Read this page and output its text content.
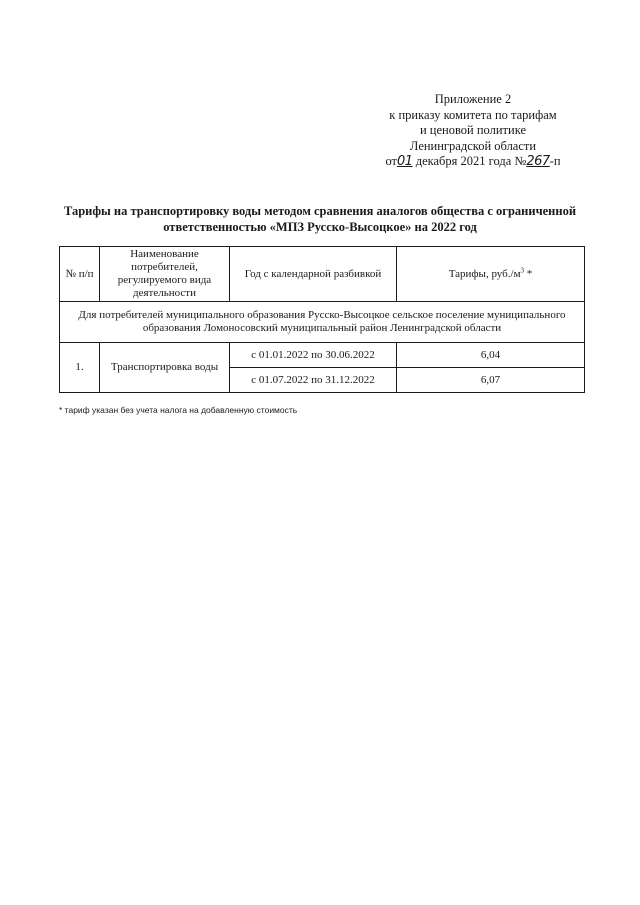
Приложение 2
к приказу комитета по тарифам
и ценовой политике
Ленинградской области
от01 декабря 2021 года №267-п
Тарифы на транспортировку воды методом сравнения аналогов общества с ограниченной ответственностью «МПЗ Русско-Высоцкое» на 2022 год
№ п/п	Наименование потребителей, регулируемого вида деятельности	Год с календарной разбивкой	Тарифы, $руб./м^3$ *
Для потребителей муниципального образования Русско-Высоцкое сельское поселение муниципального образования Ломоносовский муниципальный район Ленинградской области			
1.	Транспортировка воды	с 01.01.2022 по 30.06.2022	6,04
		с 01.07.2022 по 31.12.2022	6,07
* тариф указан без учета налога на добавленную стоимость
